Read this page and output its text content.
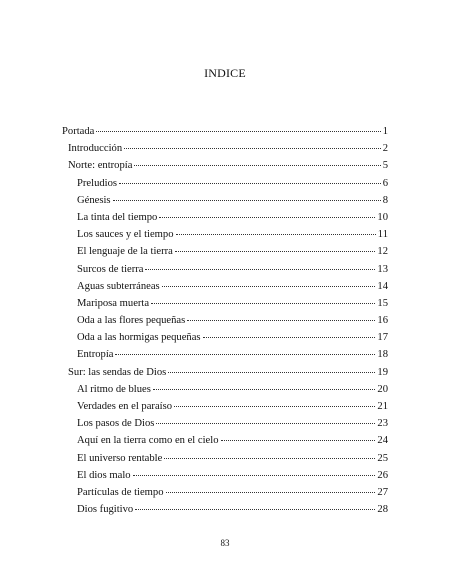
INDICE
Portada	1
Introducción	2
Norte: entropía	5
Preludios	6
Génesis	8
La tinta del tiempo	10
Los sauces y el tiempo	11
El lenguaje de la tierra	12
Surcos de tierra	13
Aguas subterráneas	14
Mariposa muerta	15
Oda a las flores pequeñas	16
Oda a las hormigas pequeñas	17
Entropía	18
Sur: las sendas de Dios	19
Al ritmo de blues	20
Verdades en el paraíso	21
Los pasos de Dios	23
Aquí en la tierra como en el cielo	24
El universo rentable	25
El dios malo	26
Partículas de tiempo	27
Dios fugitivo	28
83
